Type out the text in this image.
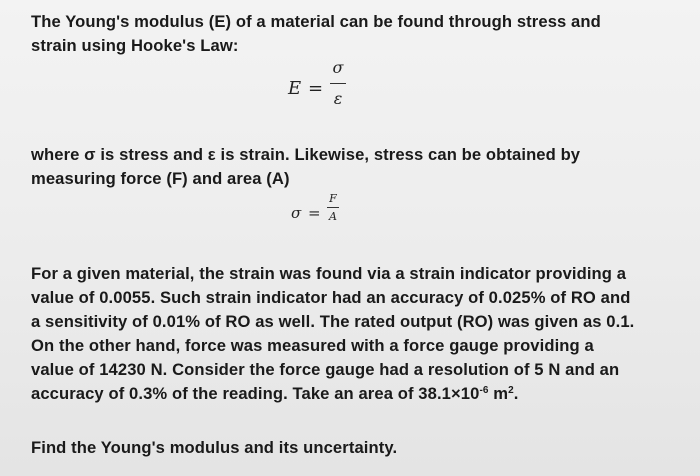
The Young's modulus (E) of a material can be found through stress and
strain using Hooke's Law:
E =
σ
ε
where σ is stress and ε is strain. Likewise, stress can be obtained by
measuring force (F) and area (A)
σ =
F
A
For a given material, the strain was found via a strain indicator providing a
value of 0.0055. Such strain indicator had an accuracy of 0.025% of RO and
a sensitivity of 0.01% of RO as well. The rated output (RO) was given as 0.1.
On the other hand, force was measured with a force gauge providing a
value of 14230 N. Consider the force gauge had a resolution of 5 N and an
accuracy of 0.3% of the reading. Take an area of $38.1\times 10^{-6}$ $m^2$.
Find the Young's modulus and its uncertainty.
